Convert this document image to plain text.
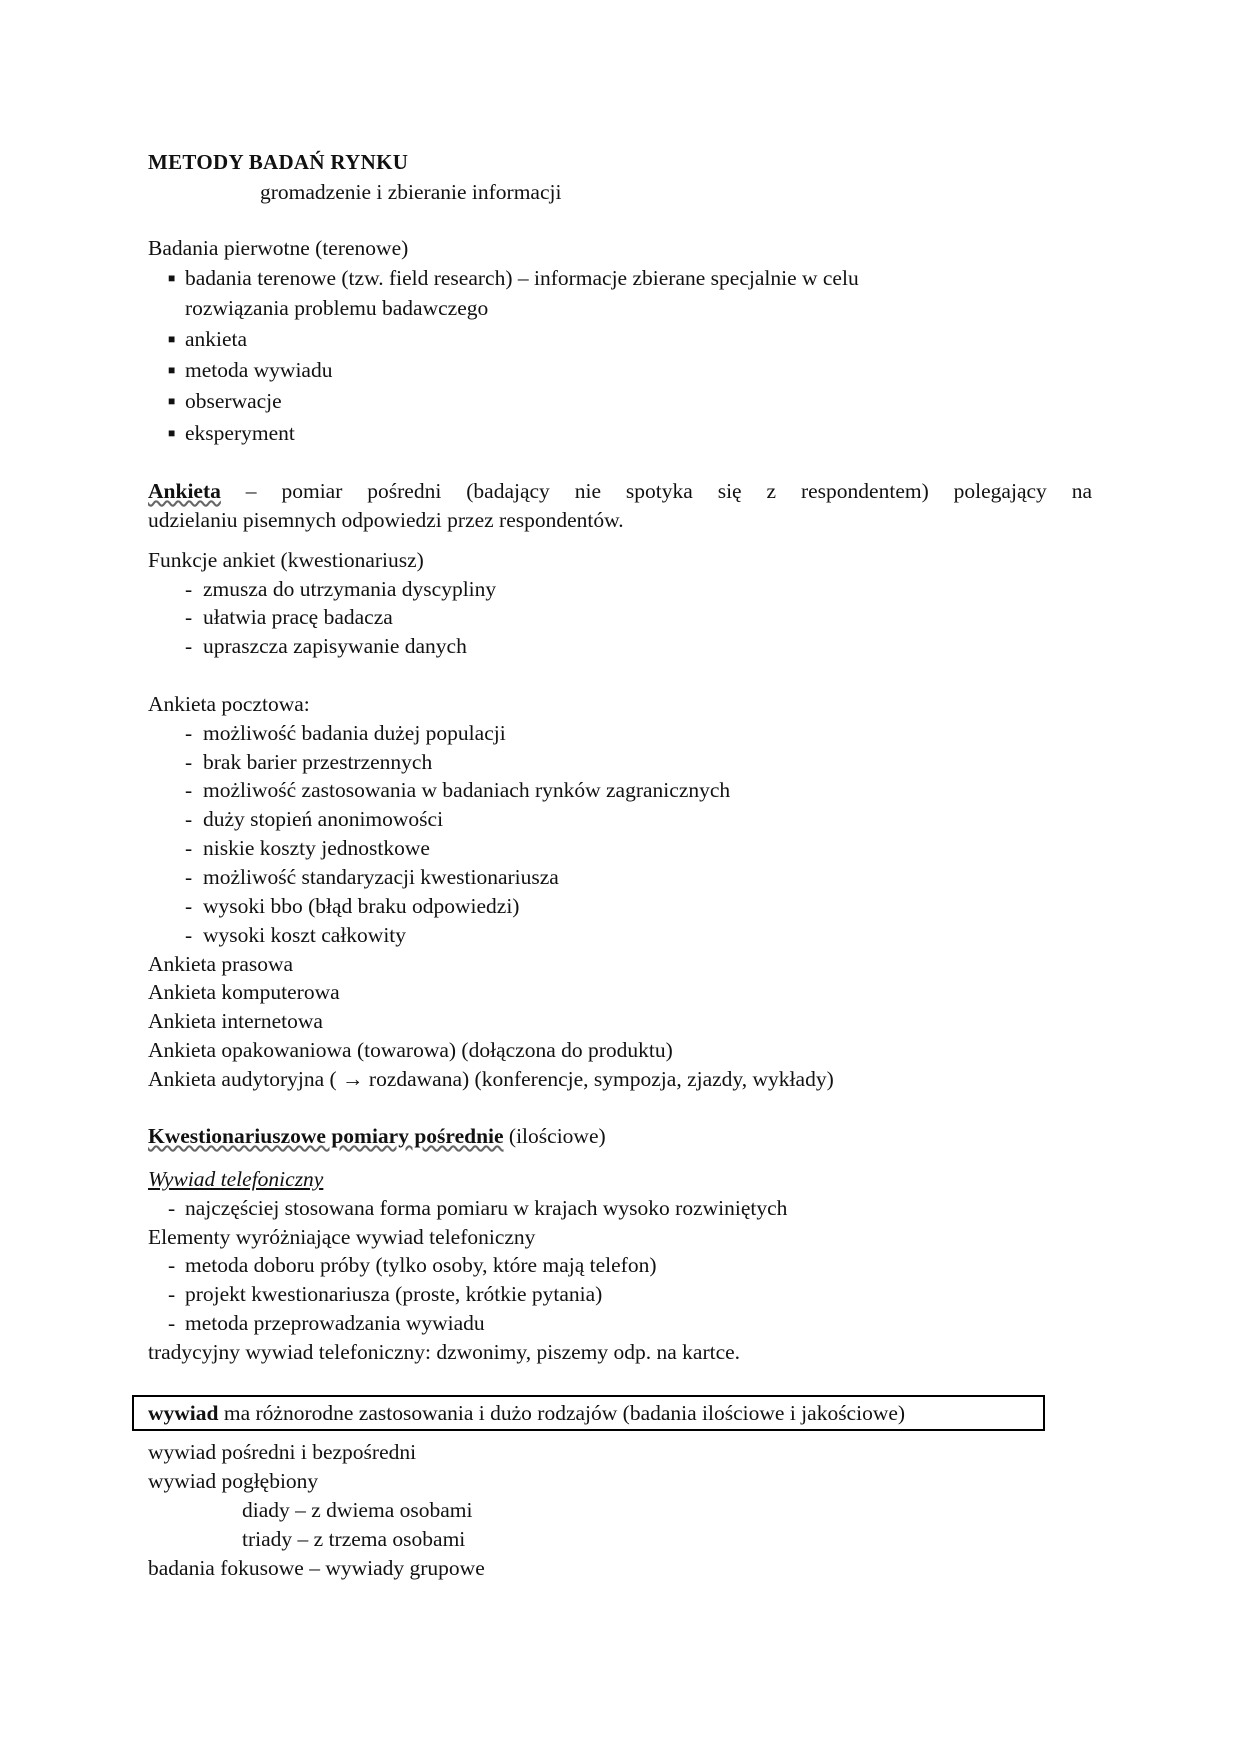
METODY BADAŃ RYNKU
gromadzenie i zbieranie informacji
Badania pierwotne (terenowe)
■ badania terenowe (tzw. field research) – informacje zbierane specjalnie w celu
rozwiązania problemu badawczego
■ ankieta
■ metoda wywiadu
■ obserwacje
■ eksperyment
Ankieta – pomiar pośredni (badający nie spotyka się z respondentem) polegający na
udzielaniu pisemnych odpowiedzi przez respondentów.
Funkcje ankiet (kwestionariusz)
- zmusza do utrzymania dyscypliny
- ułatwia pracę badacza
- upraszcza zapisywanie danych
Ankieta pocztowa:
- możliwość badania dużej populacji
- brak barier przestrzennych
- możliwość zastosowania w badaniach rynków zagranicznych
- duży stopień anonimowości
- niskie koszty jednostkowe
- możliwość standaryzacji kwestionariusza
- wysoki bbo (błąd braku odpowiedzi)
- wysoki koszt całkowity
Ankieta prasowa
Ankieta komputerowa
Ankieta internetowa
Ankieta opakowaniowa (towarowa) (dołączona do produktu)
Ankieta audytoryjna ( → rozdawana) (konferencje, sympozja, zjazdy, wykłady)
Kwestionariuszowe pomiary pośrednie (ilościowe)
Wywiad telefoniczny
- najczęściej stosowana forma pomiaru w krajach wysoko rozwiniętych
Elementy wyróżniające wywiad telefoniczny
- metoda doboru próby (tylko osoby, które mają telefon)
- projekt kwestionariusza (proste, krótkie pytania)
- metoda przeprowadzania wywiadu
tradycyjny wywiad telefoniczny: dzwonimy, piszemy odp. na kartce.
wywiad ma różnorodne zastosowania i dużo rodzajów (badania ilościowe i jakościowe)
wywiad pośredni i bezpośredni
wywiad pogłębiony
diady – z dwiema osobami
triady – z trzema osobami
badania fokusowe – wywiady grupowe
